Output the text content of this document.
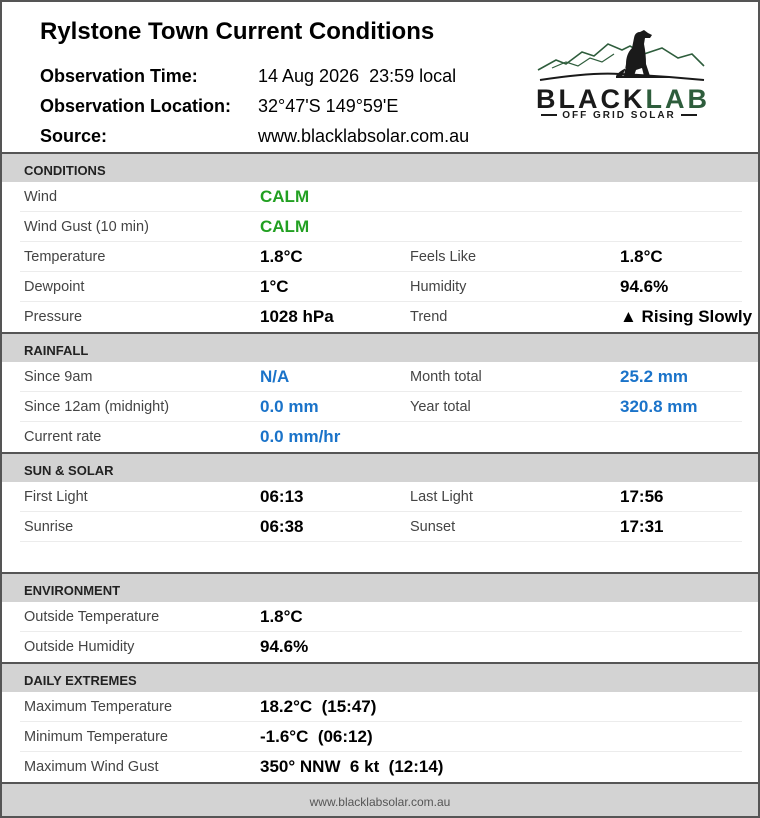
Rylstone Town Current Conditions
Observation Time:	14 Aug 2026  23:59 local
Observation Location: 32°47'S 149°59'E
Source:	www.blacklabsolar.com.au
BLACKLAB
OFF GRID SOLAR
CONDITIONS
Wind	CALM
Wind Gust (10 min)	CALM
Temperature	1.8°C	Feels Like	1.8°C
Dewpoint	1°C	Humidity	94.6%
Pressure	1028 hPa	Trend	▲ Rising Slowly
RAINFALL
Since 9am	N/A	Month total	25.2 mm
Since 12am (midnight)	0.0 mm	Year total	320.8 mm
Current rate	0.0 mm/hr
SUN & SOLAR
First Light	06:13	Last Light	17:56
Sunrise	06:38	Sunset	17:31
ENVIRONMENT
Outside Temperature	1.8°C
Outside Humidity	94.6%
DAILY EXTREMES
Maximum Temperature	18.2°C  (15:47)
Minimum Temperature	-1.6°C  (06:12)
Maximum Wind Gust	350° NNW  6 kt  (12:14)
www.blacklabsolar.com.au
